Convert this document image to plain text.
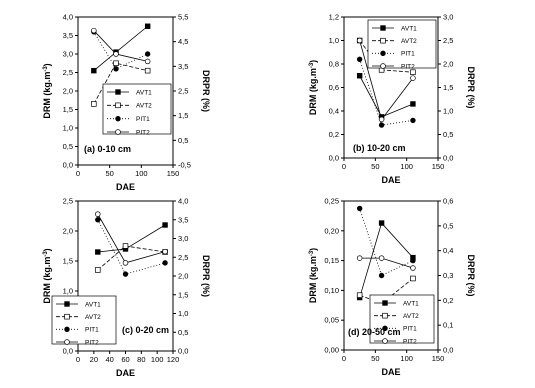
0	50	100	150
0,0
0,5
1,0
1,5
2,0
2,5
3,0
3,5
4,0
-0,5
0,5
1,5
2,5
3,5
4,5
5,5
DAE
DRM $(kg.m^{-3})$
DRPR (%)
AVT1
AVT2
PIT1
PIT2
(a) 0-10 cm
0	50	100	150
0,0
0,2
0,4
0,6
0,8
1,0
1,2
0,0
0,5
1,0
1,5
2,0
2,5
3,0
DAE
DRM $(kg.m^{-3})$
DRPR (%)
AVT1
AVT2
PIT1
PIT2
(b) 10-20 cm
0 20 40 60 80 100 120
0,0
1,0
1,5
2,0
2,5
0,0
0,5
1,0
1,5
2,0
2,5
3,0
3,5
4,0
DAE
DRM $(kg.m^{-3})$
DRPR (%)
AVT1
AVT2
PIT1
PIT2
(c) 0-20 cm
0	50	100	150
0,00
0,05
0,10
0,15
0,20
0,25
0,0
0,1
0,2
0,3
0,4
0,5
0,6
DAE
DRM $(kg.m^{-3})$
DRPR (%)
AVT1
AVT2
PIT1
PIT2
(d) 20-50 cm
